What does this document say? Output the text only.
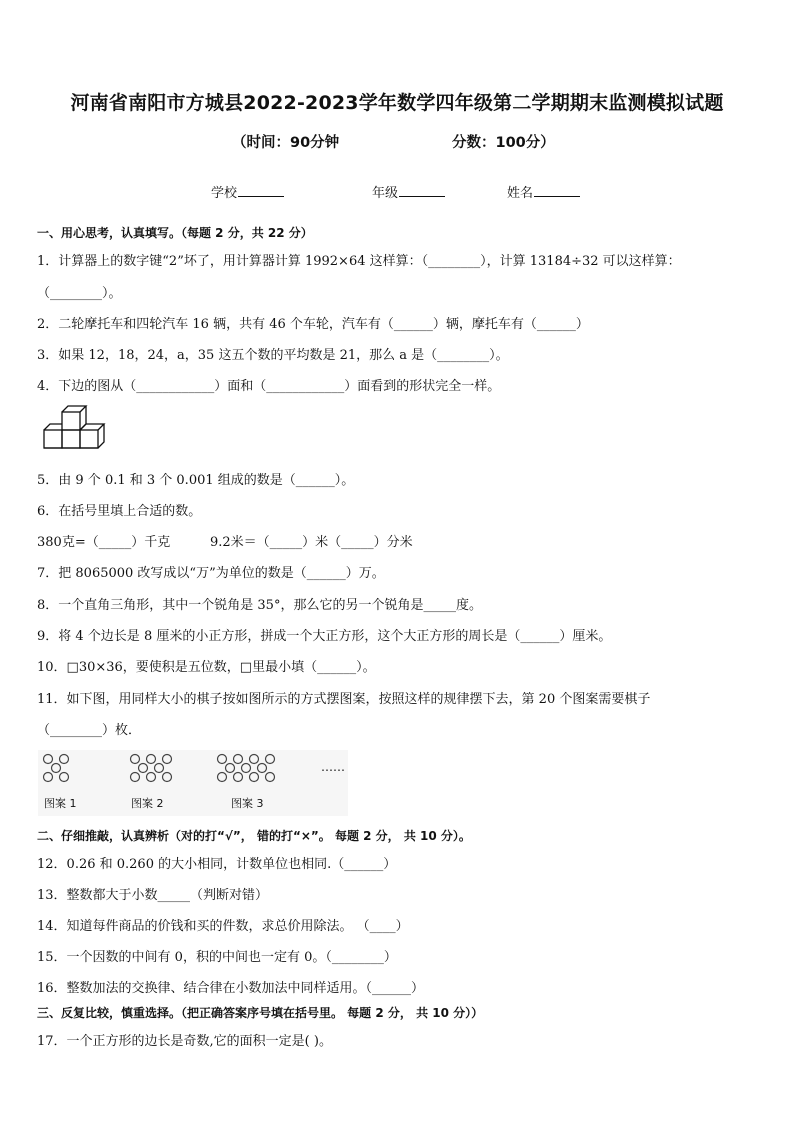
河南省南阳市方城县2022-2023学年数学四年级第二学期期末监测模拟试题
（时间：90分钟	分数：100分）
学校	年级	姓名
一、用心思考，认真填写。（每题 2 分，共 22 分）
1．计算器上的数字键“2”坏了，用计算器计算 1992×64 这样算：（________），计算 13184÷32 可以这样算：
（________）。
2．二轮摩托车和四轮汽车 16 辆，共有 46 个车轮，汽车有（______）辆，摩托车有（______）
3．如果 12，18，24，a，35 这五个数的平均数是 21，那么 a 是（________）。
4．下边的图从（____________）面和（____________）面看到的形状完全一样。
5．由 9 个 0.1 和 3 个 0.001 组成的数是（______）。
6．在括号里填上合适的数。
380克=（_____）千克	9.2米＝（_____）米（_____）分米
7．把 8065000 改写成以“万”为单位的数是（______）万。
8．一个直角三角形，其中一个锐角是 35°，那么它的另一个锐角是_____度。
9．将 4 个边长是 8 厘米的小正方形，拼成一个大正方形，这个大正方形的周长是（______）厘米。
10．□30×36，要使积是五位数，□里最小填（______）。
11．如下图，用同样大小的棋子按如图所示的方式摆图案，按照这样的规律摆下去，第 20 个图案需要棋子
（________）枚．
……
图案 1	图案 2	图案 3
二、仔细推敲，认真辨析（对的打“√”， 错的打“×”。 每题 2 分， 共 10 分）。
12．0.26 和 0.260 的大小相同，计数单位也相同.（______）
13．整数都大于小数_____（判断对错）
14．知道每件商品的价钱和买的件数，求总价用除法。 （____）
15．一个因数的中间有 0，积的中间也一定有 0。（________）
16．整数加法的交换律、结合律在小数加法中同样适用。（______）
三、反复比较，慎重选择。（把正确答案序号填在括号里。 每题 2 分， 共 10 分））
17．一个正方形的边长是奇数,它的面积一定是( )。
